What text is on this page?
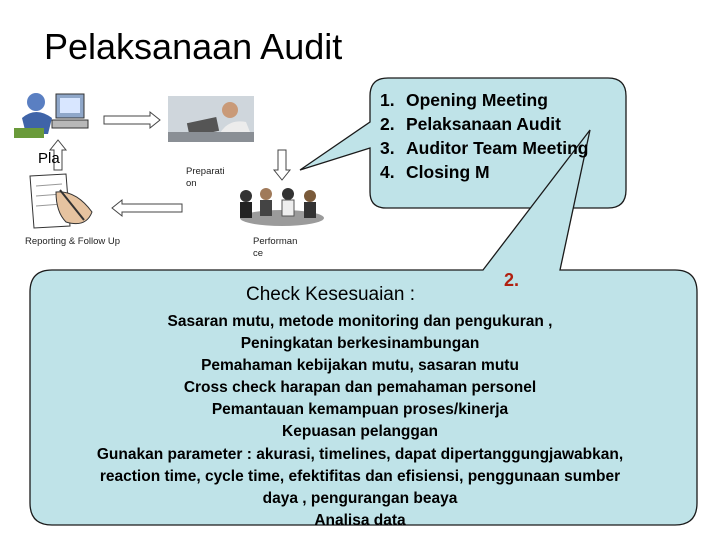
Pelaksanaan Audit
Pla
Preparati on
Reporting & Follow Up	Performan ce
1. Opening Meeting
2. Pelaksanaan Audit
3. Auditor Team Meeting
4. Closing M
Check Kesesuaian :
2.
Sasaran mutu, metode monitoring dan pengukuran ,
Peningkatan berkesinambungan
Pemahaman kebijakan mutu, sasaran mutu
Cross check harapan dan pemahaman personel
Pemantauan kemampuan proses/kinerja
Kepuasan pelanggan
Gunakan parameter : akurasi, timelines, dapat dipertanggungjawabkan,
reaction time, cycle time, efektifitas dan efisiensi, penggunaan sumber
daya , pengurangan beaya
Analisa data
